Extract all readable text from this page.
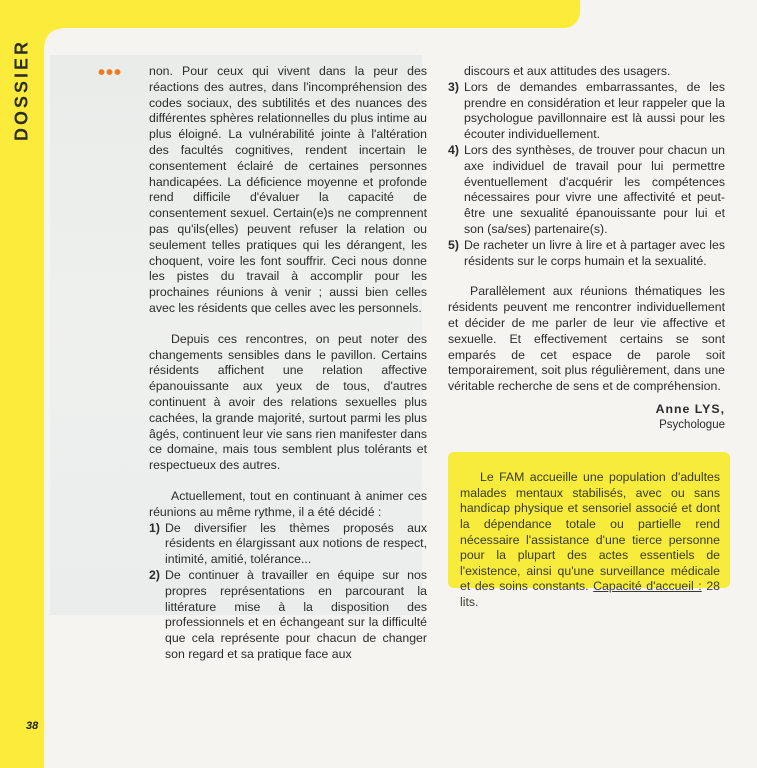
DOSSIER
38
••• non. Pour ceux qui vivent dans la peur des réactions des autres, dans l'incompréhension des codes sociaux, des subtilités et des nuances des différentes sphères relationnelles du plus intime au plus éloigné. La vulnérabilité jointe à l'altération des facultés cognitives, rendent incertain le consentement éclairé de certaines personnes handicapées. La déficience moyenne et profonde rend difficile d'évaluer la capacité de consentement sexuel. Certain(e)s ne comprennent pas qu'ils(elles) peuvent refuser la relation ou seulement telles pratiques qui les dérangent, les choquent, voire les font souffrir. Ceci nous donne les pistes du travail à accomplir pour les prochaines réunions à venir ; aussi bien celles avec les résidents que celles avec les personnels.

Depuis ces rencontres, on peut noter des changements sensibles dans le pavillon. Certains résidents affichent une relation affective épanouissante aux yeux de tous, d'autres continuent à avoir des relations sexuelles plus cachées, la grande majorité, surtout parmi les plus âgés, continuent leur vie sans rien manifester dans ce domaine, mais tous semblent plus tolérants et respectueux des autres.

Actuellement, tout en continuant à animer ces réunions au même rythme, il a été décidé :

1) De diversifier les thèmes proposés aux résidents en élargissant aux notions de respect, intimité, amitié, tolérance...
2) De continuer à travailler en équipe sur nos propres représentations en parcourant la littérature mise à la disposition des professionnels et en échangeant sur la difficulté que cela représente pour chacun de changer son regard et sa pratique face aux

discours et aux attitudes des usagers.

3) Lors de demandes embarrassantes, de les prendre en considération et leur rappeler que la psychologue pavillonnaire est là aussi pour les écouter individuellement.
4) Lors des synthèses, de trouver pour chacun un axe individuel de travail pour lui permettre éventuellement d'acquérir les compétences nécessaires pour vivre une affectivité et peut-être une sexualité épanouissante pour lui et son (sa/ses) partenaire(s).
5) De racheter un livre à lire et à partager avec les résidents sur le corps humain et la sexualité.

Parallèlement aux réunions thématiques les résidents peuvent me rencontrer individuellement et décider de me parler de leur vie affective et sexuelle. Et effectivement certains se sont emparés de cet espace de parole soit temporairement, soit plus régulièrement, dans une véritable recherche de sens et de compréhension.

Anne LYS,
Psychologue

Le FAM accueille une population d'adultes malades mentaux stabilisés, avec ou sans handicap physique et sensoriel associé et dont la dépendance totale ou partielle rend nécessaire l'assistance d'une tierce personne pour la plupart des actes essentiels de l'existence, ainsi qu'une surveillance médicale et des soins constants. Capacité d'accueil : 28 lits.
